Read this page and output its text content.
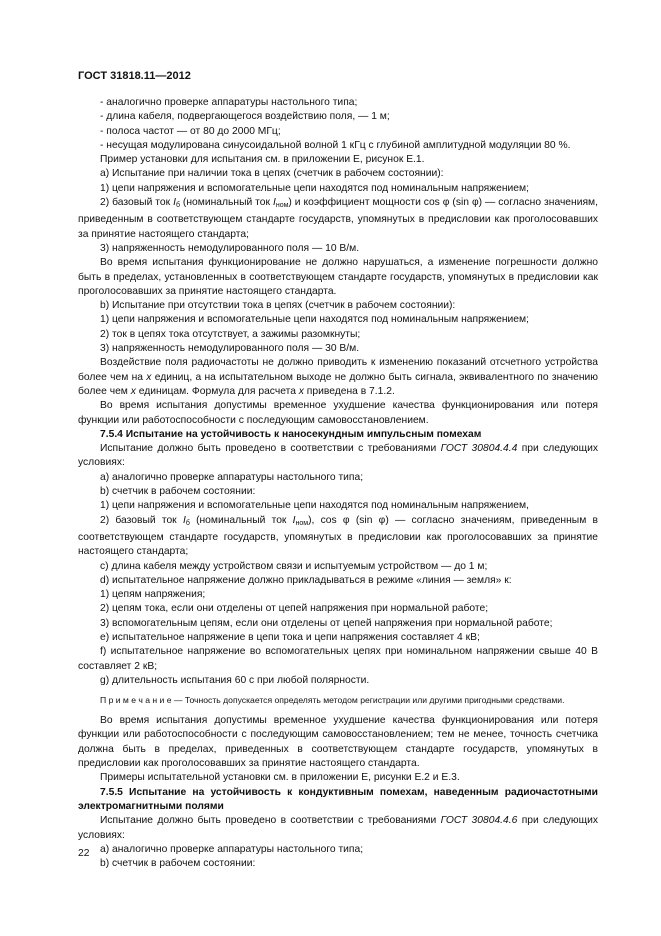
ГОСТ 31818.11—2012

- аналогично проверке аппаратуры настольного типа;

- длина кабеля, подвергающегося воздействию поля, — 1 м;

- полоса частот — от 80 до 2000 МГц;

- несущая модулирована синусоидальной волной 1 кГц с глубиной амплитудной модуляции 80 %.

Пример установки для испытания см. в приложении Е, рисунок Е.1.

a) Испытание при наличии тока в цепях (счетчик в рабочем состоянии):

1) цепи напряжения и вспомогательные цепи находятся под номинальным напряжением;

2) базовый ток $I_б$ (номинальный ток $I_{ном}$) и коэффициент мощности cos φ (sin φ) — согласно значениям, приведенным в соответствующем стандарте государств, упомянутых в предисловии как проголосовавших за принятие настоящего стандарта;

3) напряженность немодулированного поля — 10 В/м.

Во время испытания функционирование не должно нарушаться, а изменение погрешности должно быть в пределах, установленных в соответствующем стандарте государств, упомянутых в предисловии как проголосовавших за принятие настоящего стандарта.

b) Испытание при отсутствии тока в цепях (счетчик в рабочем состоянии):

1) цепи напряжения и вспомогательные цепи находятся под номинальным напряжением;

2) ток в цепях тока отсутствует, а зажимы разомкнуты;

3) напряженность немодулированного поля — 30 В/м.

Воздействие поля радиочастоты не должно приводить к изменению показаний отсчетного устройства более чем на x единиц, а на испытательном выходе не должно быть сигнала, эквивалентного по значению более чем x единицам. Формула для расчета x приведена в 7.1.2.

Во время испытания допустимы временное ухудшение качества функционирования или потеря функции или работоспособности с последующим самовосстановлением.

7.5.4 Испытание на устойчивость к наносекундным импульсным помехам

Испытание должно быть проведено в соответствии с требованиями ГОСТ 30804.4.4 при следующих условиях:

a) аналогично проверке аппаратуры настольного типа;

b) счетчик в рабочем состоянии:

1) цепи напряжения и вспомогательные цепи находятся под номинальным напряжением,

2) базовый ток $I_б$ (номинальный ток $I_{ном}$), cos φ (sin φ) — согласно значениям, приведенным в соответствующем стандарте государств, упомянутых в предисловии как проголосовавших за принятие настоящего стандарта;

c) длина кабеля между устройством связи и испытуемым устройством — до 1 м;

d) испытательное напряжение должно прикладываться в режиме «линия — земля» к:

1) цепям напряжения;

2) цепям тока, если они отделены от цепей напряжения при нормальной работе;

3) вспомогательным цепям, если они отделены от цепей напряжения при нормальной работе;

e) испытательное напряжение в цепи тока и цепи напряжения составляет 4 кВ;

f) испытательное напряжение во вспомогательных цепях при номинальном напряжении свыше 40 В составляет 2 кВ;

g) длительность испытания 60 с при любой полярности.

П р и м е ч а н и е — Точность допускается определять методом регистрации или другими пригодными средствами.

Во время испытания допустимы временное ухудшение качества функционирования или потеря функции или работоспособности с последующим самовосстановлением; тем не менее, точность счетчика должна быть в пределах, приведенных в соответствующем стандарте государств, упомянутых в предисловии как проголосовавших за принятие настоящего стандарта.

Примеры испытательной установки см. в приложении Е, рисунки Е.2 и Е.3.

7.5.5 Испытание на устойчивость к кондуктивным помехам, наведенным радиочастотными электромагнитными полями

Испытание должно быть проведено в соответствии с требованиями ГОСТ 30804.4.6 при следующих условиях:

a) аналогично проверке аппаратуры настольного типа;

b) счетчик в рабочем состоянии:

22
